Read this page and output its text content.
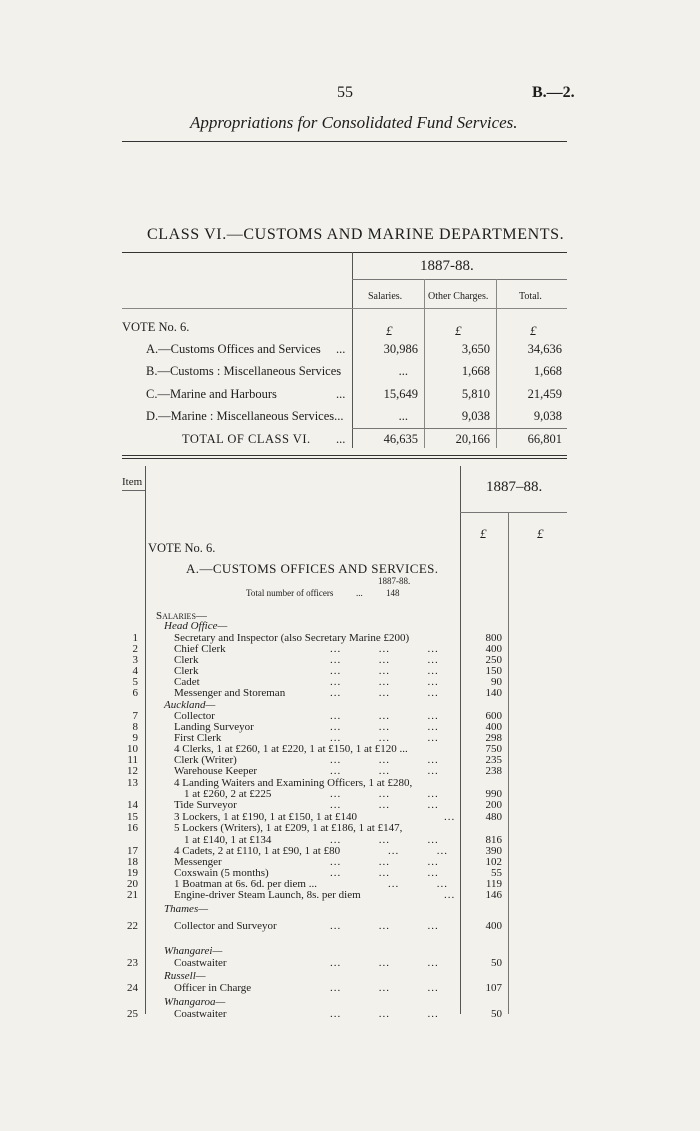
55	B.—2.
Appropriations for Consolidated Fund Services.
CLASS VI.—CUSTOMS AND MARINE DEPARTMENTS.
1887-88.
Salaries.	Other Charges.	Total.
VOTE No. 6.	£	£	£
A.—Customs Offices and Services ...	30,986	3,650	34,636
B.—Customs : Miscellaneous Services	...	1,668	1,668
C.—Marine and Harbours	...	15,649	5,810	21,459
D.—Marine : Miscellaneous Services...	...	9,038	9,038
TOTAL OF CLASS VI. ...	46,635	20,166	66,801
Item	1887–88.
£	£
VOTE No. 6.
A.—CUSTOMS OFFICES AND SERVICES.
1887-88.
Total number of officers	...	148
Salaries—
Head Office—
1	Secretary and Inspector (also Secretary Marine £200)	800
2	Chief Clerk	...          ...          ...	400
3	Clerk	...          ...          ...	250
4	Clerk	...          ...          ...	150
5	Cadet	...          ...          ...	90
6	Messenger and Storeman	...          ...          ...	140
Auckland—
7	Collector	...          ...          ...	600
8	Landing Surveyor	...          ...          ...	400
9	First Clerk	...          ...          ...	298
10	4 Clerks, 1 at £260, 1 at £220, 1 at £150, 1 at £120 ...	750
11	Clerk (Writer)	...          ...          ...	235
12	Warehouse Keeper	...          ...          ...	238
13	4 Landing Waiters and Examining Officers, 1 at £280,
1 at £260, 2 at £225	...          ...          ...	990
14	Tide Surveyor	...          ...          ...	200
15	3 Lockers, 1 at £190, 1 at £150, 1 at £140	...	480
16	5 Lockers (Writers), 1 at £209, 1 at £186, 1 at £147,
1 at £140, 1 at £134	...          ...          ...	816
17	4 Cadets, 2 at £110, 1 at £90, 1 at £80	...          ...	390
18	Messenger	...          ...          ...	102
19	Coxswain (5 months)	...          ...          ...	55
20	1 Boatman at 6s. 6d. per diem ...	...          ...	119
21	Engine-driver Steam Launch, 8s. per diem	...	146
Thames—
22	Collector and Surveyor	...          ...          ...	400
Whangarei—
23	Coastwaiter	...          ...          ...	50
Russell—
24	Officer in Charge	...          ...          ...	107
Whangaroa—
25	Coastwaiter	...          ...          ...	50
